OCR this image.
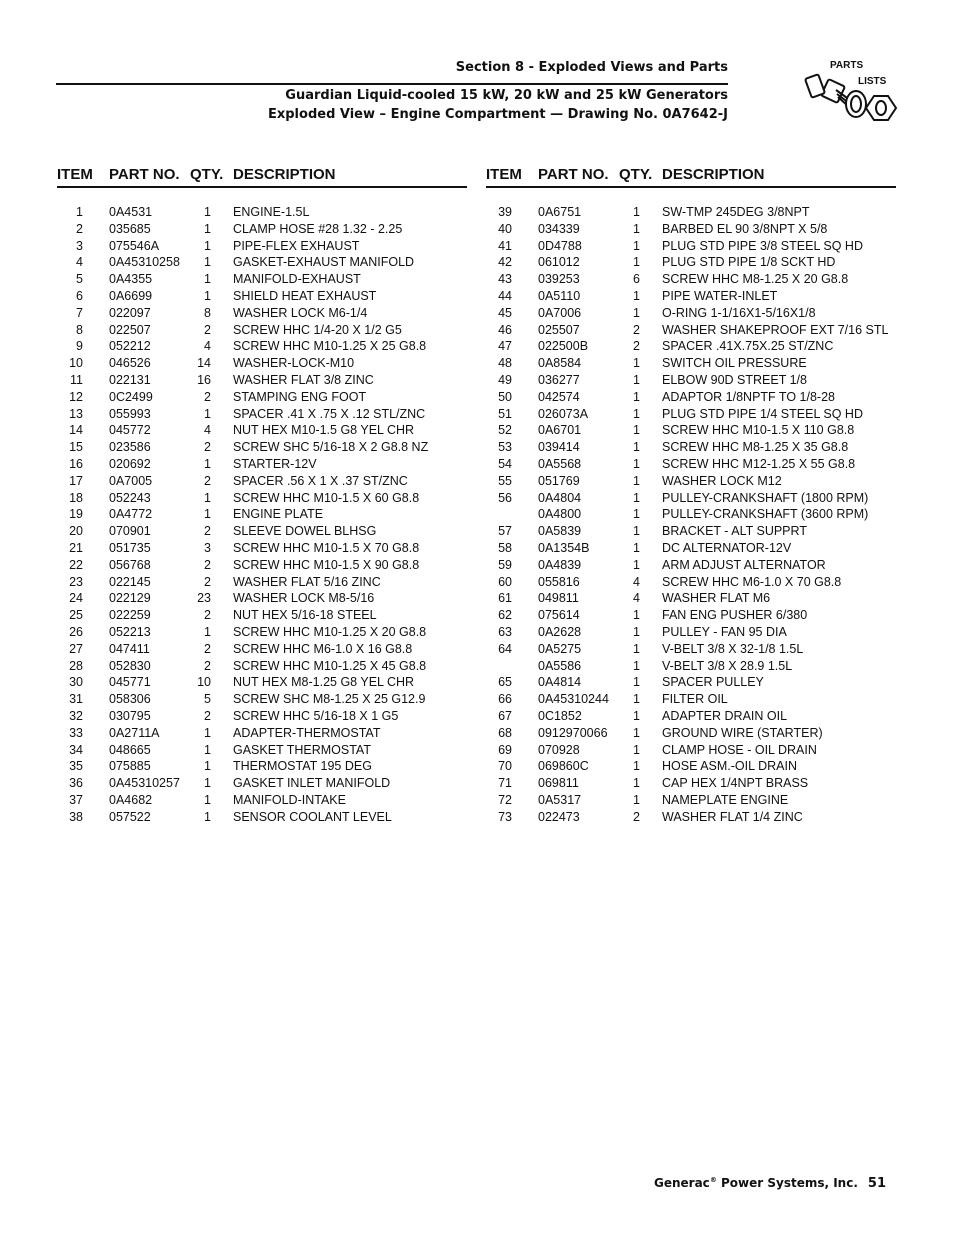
Section 8 - Exploded Views and Parts
Guardian Liquid-cooled 15 kW, 20 kW and 25 kW Generators
Exploded View – Engine Compartment — Drawing No. 0A7642-J
PARTS
LISTS
ITEM PART NO. QTY. DESCRIPTION
1 0A4531	1 ENGINE-1.5L
2 035685	1 CLAMP HOSE #28 1.32 - 2.25
3 075546A	1 PIPE-FLEX EXHAUST
4 0A45310258	1 GASKET-EXHAUST MANIFOLD
5 0A4355	1 MANIFOLD-EXHAUST
6 0A6699	1 SHIELD HEAT EXHAUST
7 022097	8 WASHER LOCK M6-1/4
8 022507	2 SCREW HHC 1/4-20 X 1/2 G5
9 052212	4 SCREW HHC M10-1.25 X 25 G8.8
10 046526	14 WASHER-LOCK-M10
11 022131	16 WASHER FLAT 3/8 ZINC
12 0C2499	2 STAMPING ENG FOOT
13 055993	1 SPACER .41 X .75 X .12 STL/ZNC
14 045772	4 NUT HEX M10-1.5 G8 YEL CHR
15 023586	2 SCREW SHC 5/16-18 X 2 G8.8 NZ
16 020692	1 STARTER-12V
17 0A7005	2 SPACER .56 X 1 X .37 ST/ZNC
18 052243	1 SCREW HHC M10-1.5 X 60 G8.8
19 0A4772	1 ENGINE PLATE
20 070901	2 SLEEVE DOWEL BLHSG
21 051735	3 SCREW HHC M10-1.5 X 70 G8.8
22 056768	2 SCREW HHC M10-1.5 X 90 G8.8
23 022145	2 WASHER FLAT 5/16 ZINC
24 022129	23 WASHER LOCK M8-5/16
25 022259	2 NUT HEX 5/16-18 STEEL
26 052213	1 SCREW HHC M10-1.25 X 20 G8.8
27 047411	2 SCREW HHC M6-1.0 X 16 G8.8
28 052830	2 SCREW HHC M10-1.25 X 45 G8.8
30 045771	10 NUT HEX M8-1.25 G8 YEL CHR
31 058306	5 SCREW SHC M8-1.25 X 25 G12.9
32 030795	2 SCREW HHC 5/16-18 X 1 G5
33 0A2711A	1 ADAPTER-THERMOSTAT
34 048665	1 GASKET THERMOSTAT
35 075885	1 THERMOSTAT 195 DEG
36 0A45310257	1 GASKET INLET MANIFOLD
37 0A4682	1 MANIFOLD-INTAKE
38 057522	1 SENSOR COOLANT LEVEL
ITEM PART NO. QTY. DESCRIPTION
39 0A6751	1 SW-TMP 245DEG 3/8NPT
40 034339	1 BARBED EL 90 3/8NPT X 5/8
41 0D4788	1 PLUG STD PIPE 3/8 STEEL SQ HD
42 061012	1 PLUG STD PIPE 1/8 SCKT HD
43 039253	6 SCREW HHC M8-1.25 X 20 G8.8
44 0A5110	1 PIPE WATER-INLET
45 0A7006	1 O-RING 1-1/16X1-5/16X1/8
46 025507	2 WASHER SHAKEPROOF EXT 7/16 STL
47 022500B	2 SPACER .41X.75X.25 ST/ZNC
48 0A8584	1 SWITCH OIL PRESSURE
49 036277	1 ELBOW 90D STREET 1/8
50 042574	1 ADAPTOR 1/8NPTF TO 1/8-28
51 026073A	1 PLUG STD PIPE 1/4 STEEL SQ HD
52 0A6701	1 SCREW HHC M10-1.5 X 110 G8.8
53 039414	1 SCREW HHC M8-1.25 X 35 G8.8
54 0A5568	1 SCREW HHC M12-1.25 X 55 G8.8
55 051769	1 WASHER LOCK M12
56 0A4804	1 PULLEY-CRANKSHAFT (1800 RPM)
0A4800	1 PULLEY-CRANKSHAFT (3600 RPM)
57 0A5839	1 BRACKET - ALT SUPPRT
58 0A1354B	1 DC ALTERNATOR-12V
59 0A4839	1 ARM ADJUST ALTERNATOR
60 055816	4 SCREW HHC M6-1.0 X 70 G8.8
61 049811	4 WASHER FLAT M6
62 075614	1 FAN ENG PUSHER 6/380
63 0A2628	1 PULLEY - FAN 95 DIA
64 0A5275	1 V-BELT 3/8 X 32-1/8 1.5L
0A5586	1 V-BELT 3/8 X 28.9 1.5L
65 0A4814	1 SPACER PULLEY
66 0A45310244	1 FILTER OIL
67 0C1852	1 ADAPTER DRAIN OIL
68 0912970066	1 GROUND WIRE (STARTER)
69 070928	1 CLAMP HOSE - OIL DRAIN
70 069860C	1 HOSE ASM.-OIL DRAIN
71 069811	1 CAP HEX 1/4NPT BRASS
72 0A5317	1 NAMEPLATE ENGINE
73 022473	2 WASHER FLAT 1/4 ZINC
Generac® Power Systems, Inc. 51
